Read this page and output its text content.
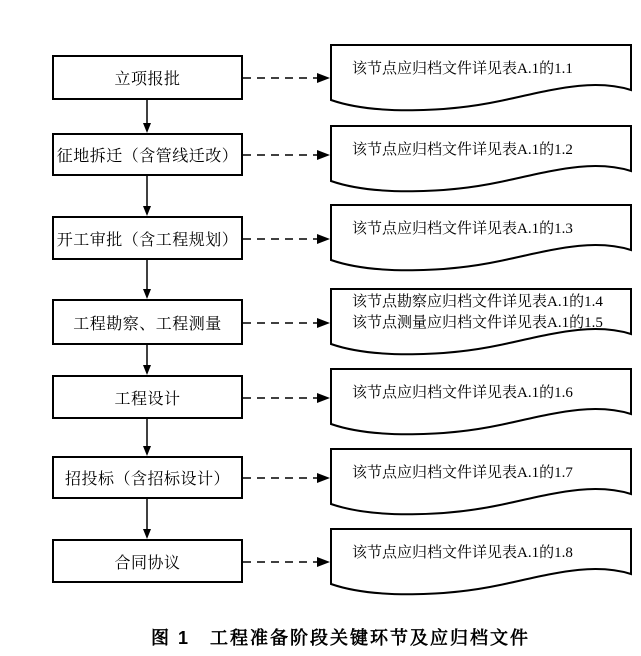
立项报批
该节点应归档文件详见表A.1的1.1
征地拆迁（含管线迁改）	该节点应归档文件详见表A.1的1.2
开工审批（含工程规划）
该节点应归档文件详见表A.1的1.3
工程勘察、工程测量
该节点勘察应归档文件详见表A.1的1.4
该节点测量应归档文件详见表A.1的1.5
工程设计	该节点应归档文件详见表A.1的1.6
招投标（含招标设计）	该节点应归档文件详见表A.1的1.7
合同协议
该节点应归档文件详见表A.1的1.8
图 1　工程准备阶段关键环节及应归档文件
